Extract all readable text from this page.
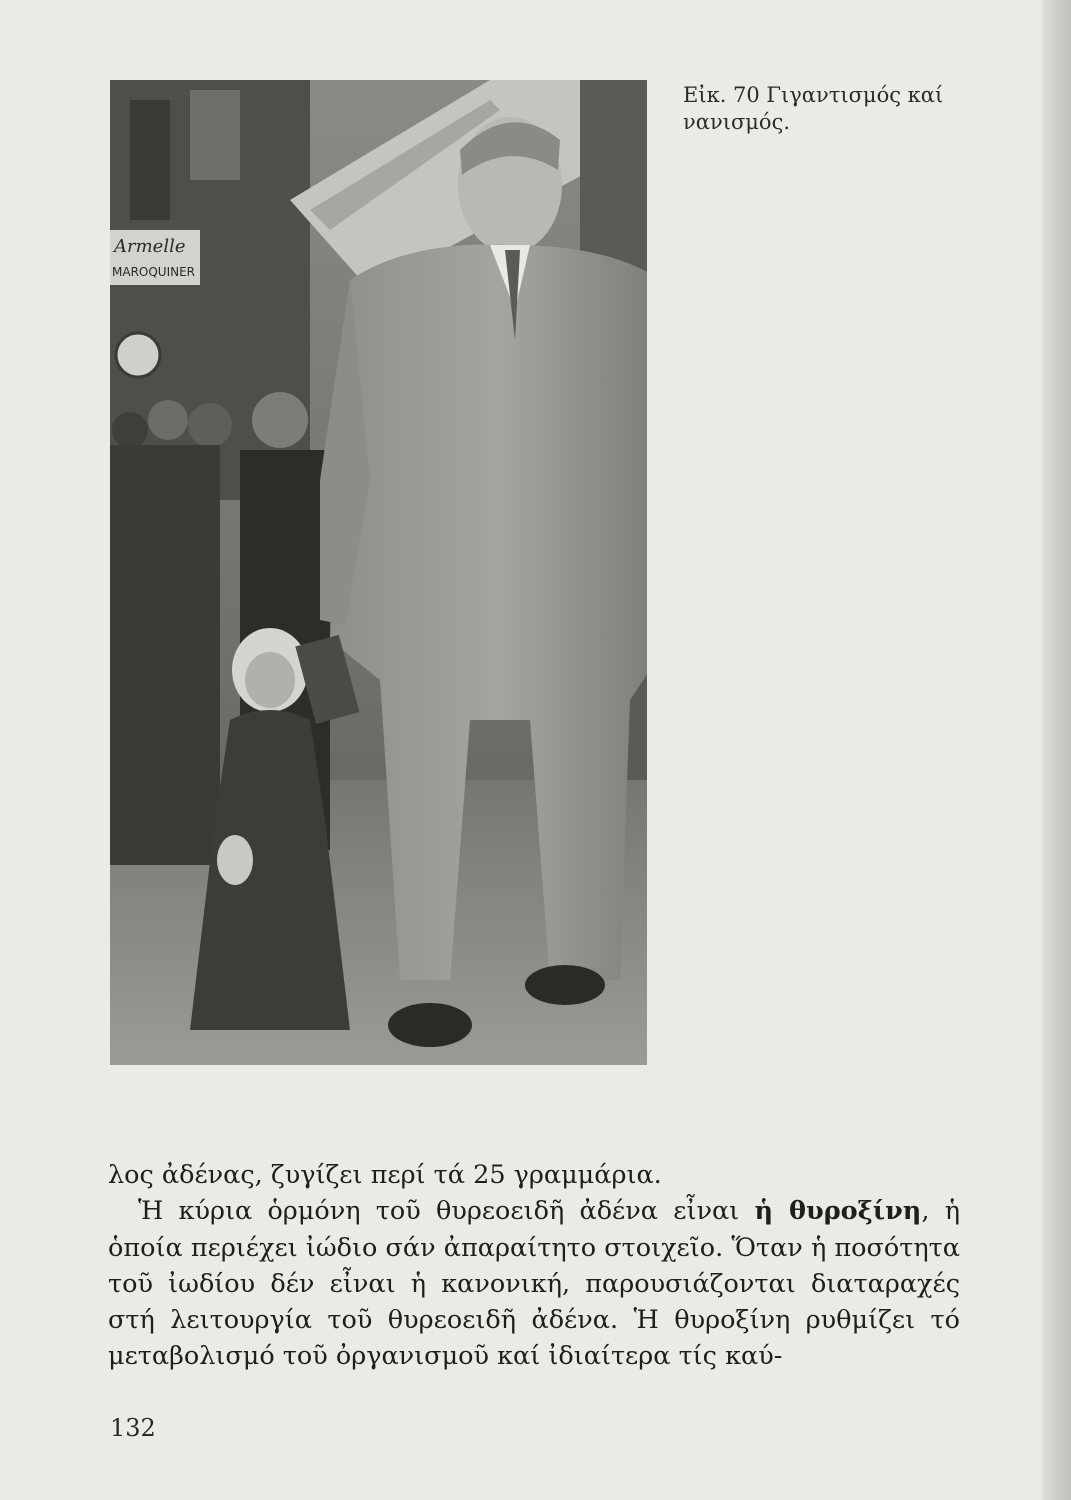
Armelle
MAROQUINER
Εἰκ. 70 Γιγαντισμός καί
νανισμός.

λος ἀδένας, ζυγίζει περί τά 25 γραμμάρια.

Ἡ κύρια ὁρμόνη τοῦ θυρεοειδῆ ἀδένα εἶναι ἡ θυροξίνη, ἡ ὁποία περιέχει ἰώδιο σάν ἀπαραίτητο στοιχεῖο. Ὅταν ἡ ποσότητα τοῦ ἰωδίου δέν εἶναι ἡ κανονική, παρουσιάζονται διαταραχές στή λειτουργία τοῦ θυρεοειδῆ ἀδένα. Ἡ θυροξίνη ρυθμίζει τό μεταβολισμό τοῦ ὀργανισμοῦ καί ἰδιαίτερα τίς καύ-

132
